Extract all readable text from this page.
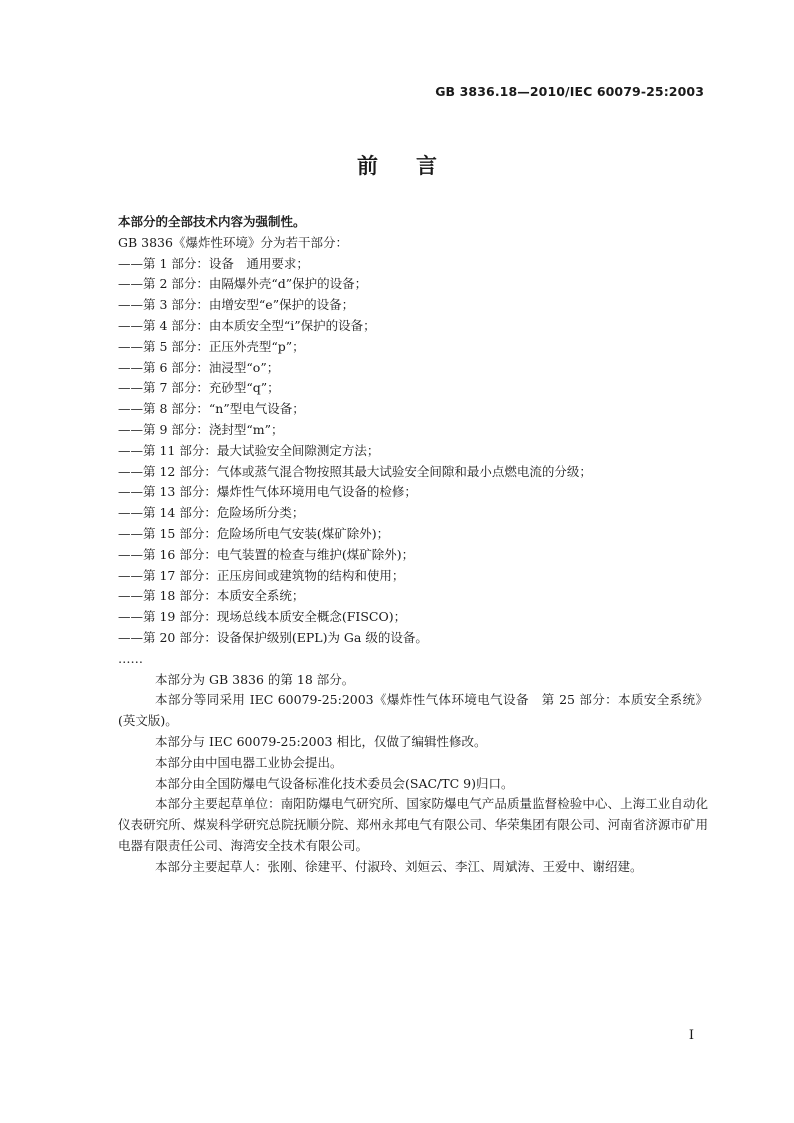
GB 3836.18—2010/IEC 60079-25:2003
前言

本部分的全部技术内容为强制性。

GB 3836《爆炸性环境》分为若干部分：

——第 1 部分：设备　通用要求；
——第 2 部分：由隔爆外壳“d”保护的设备；
——第 3 部分：由增安型“e”保护的设备；
——第 4 部分：由本质安全型“i”保护的设备；
——第 5 部分：正压外壳型“p”；
——第 6 部分：油浸型“o”；
——第 7 部分：充砂型“q”；
——第 8 部分：“n”型电气设备；
——第 9 部分：浇封型“m”；
——第 11 部分：最大试验安全间隙测定方法；
——第 12 部分：气体或蒸气混合物按照其最大试验安全间隙和最小点燃电流的分级；
——第 13 部分：爆炸性气体环境用电气设备的检修；
——第 14 部分：危险场所分类；
——第 15 部分：危险场所电气安装(煤矿除外)；
——第 16 部分：电气装置的检查与维护(煤矿除外)；
——第 17 部分：正压房间或建筑物的结构和使用；
——第 18 部分：本质安全系统；
——第 19 部分：现场总线本质安全概念(FISCO)；
——第 20 部分：设备保护级别(EPL)为 Ga 级的设备。

……

本部分为 GB 3836 的第 18 部分。

本部分等同采用 IEC 60079-25:2003《爆炸性气体环境电气设备　第 25 部分：本质安全系统》(英文版)。

本部分与 IEC 60079-25:2003 相比，仅做了编辑性修改。

本部分由中国电器工业协会提出。

本部分由全国防爆电气设备标准化技术委员会(SAC/TC 9)归口。

本部分主要起草单位：南阳防爆电气研究所、国家防爆电气产品质量监督检验中心、上海工业自动化仪表研究所、煤炭科学研究总院抚顺分院、郑州永邦电气有限公司、华荣集团有限公司、河南省济源市矿用电器有限责任公司、海湾安全技术有限公司。

本部分主要起草人：张刚、徐建平、付淑玲、刘姮云、李江、周斌涛、王爱中、谢绍建。

I
